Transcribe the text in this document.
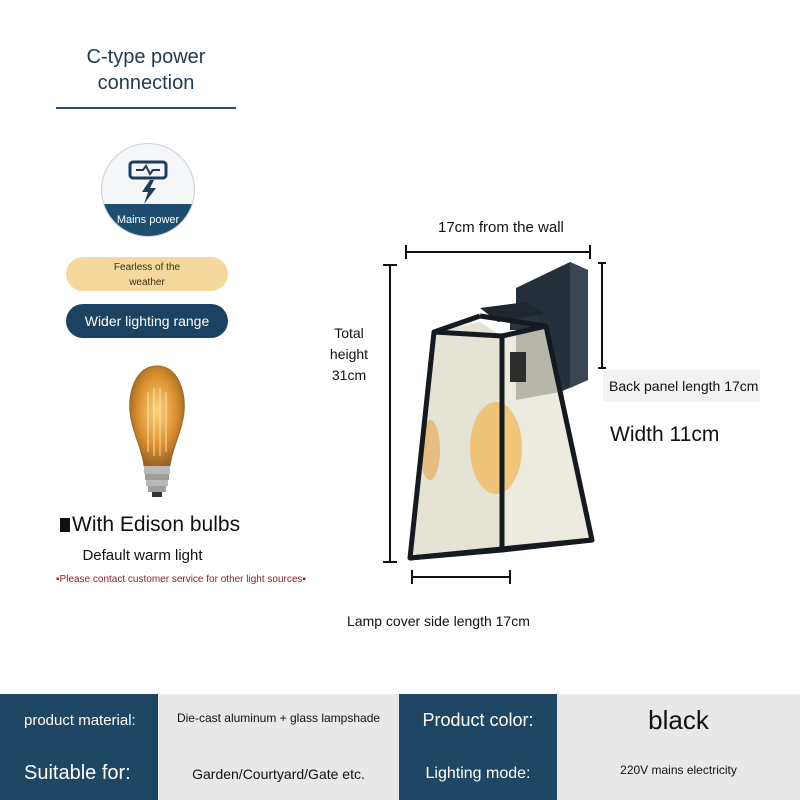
C-type power connection
Mains power
Fearless of the weather
Wider lighting range
With Edison bulbs
Default warm light
▪Please contact customer service for other light sources▪
17cm from the wall
Total
height
31cm
Back panel length 17cm
Width 11cm
Lamp cover side length 17cm
product material:	Die-cast aluminum + glass lampshade Product color:	black
Suitable for:	Garden/Courtyard/Gate etc.	Lighting mode:	220V mains electricity
